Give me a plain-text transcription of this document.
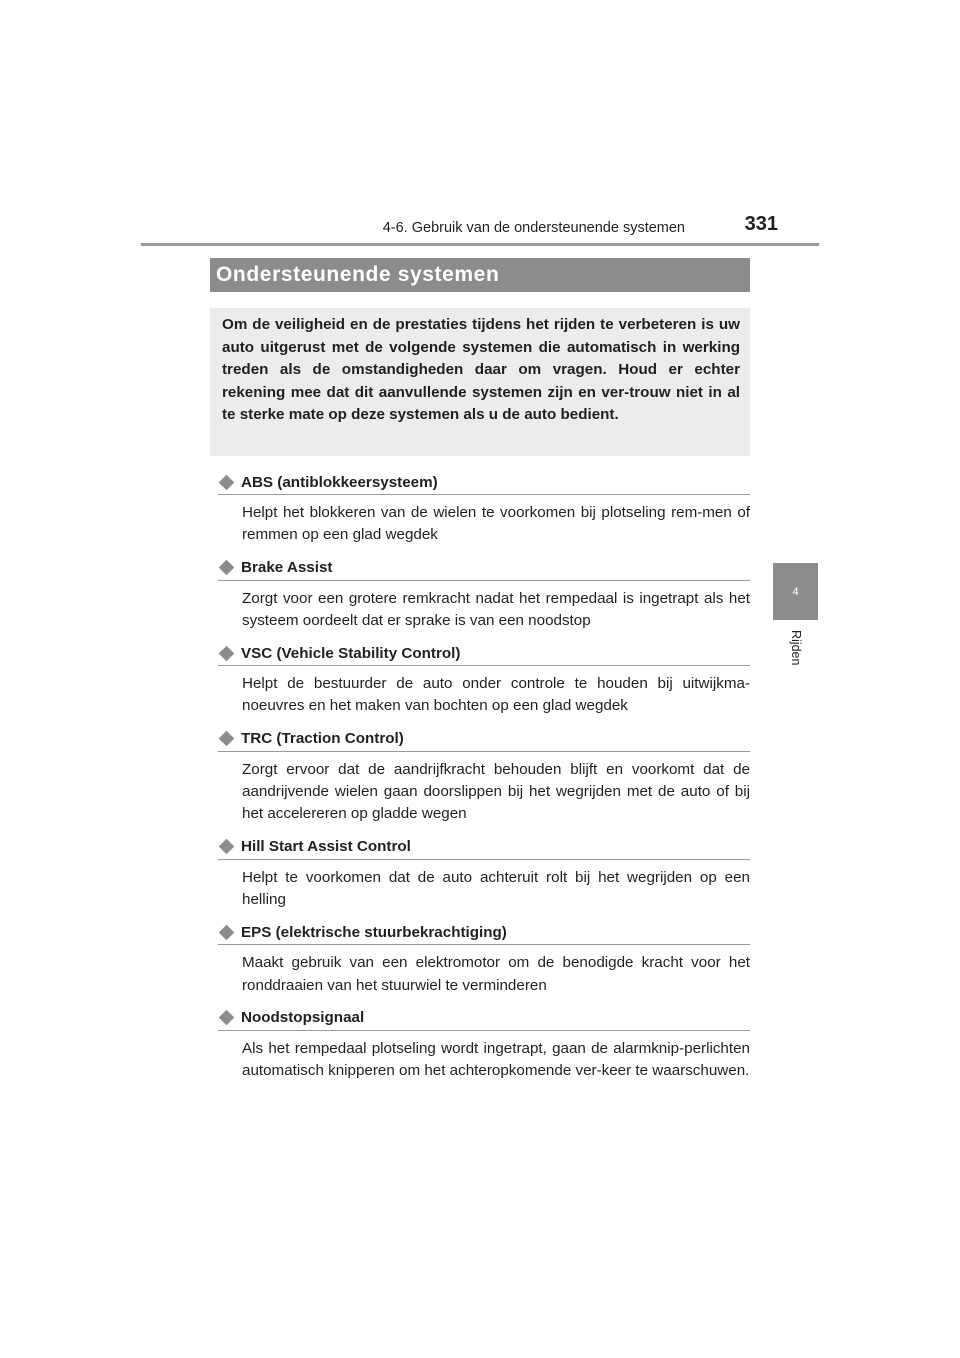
4-6. Gebruik van de ondersteunende systemen	331
4
Rijden
Ondersteunende systemen
Om de veiligheid en de prestaties tijdens het rijden te verbeteren is uw auto uitgerust met de volgende systemen die automatisch in werking treden als de omstandigheden daar om vragen. Houd er echter rekening mee dat dit aanvullende systemen zijn en ver-trouw niet in al te sterke mate op deze systemen als u de auto bedient.
ABS (antiblokkeersysteem)
Helpt het blokkeren van de wielen te voorkomen bij plotseling rem-men of remmen op een glad wegdek
Brake Assist
Zorgt voor een grotere remkracht nadat het rempedaal is ingetrapt als het systeem oordeelt dat er sprake is van een noodstop
VSC (Vehicle Stability Control)
Helpt de bestuurder de auto onder controle te houden bij uitwijkma-noeuvres en het maken van bochten op een glad wegdek
TRC (Traction Control)
Zorgt ervoor dat de aandrijfkracht behouden blijft en voorkomt dat de aandrijvende wielen gaan doorslippen bij het wegrijden met de auto of bij het accelereren op gladde wegen
Hill Start Assist Control
Helpt te voorkomen dat de auto achteruit rolt bij het wegrijden op een helling
EPS (elektrische stuurbekrachtiging)
Maakt gebruik van een elektromotor om de benodigde kracht voor het ronddraaien van het stuurwiel te verminderen
Noodstopsignaal
Als het rempedaal plotseling wordt ingetrapt, gaan de alarmknip-perlichten automatisch knipperen om het achteropkomende ver-keer te waarschuwen.
